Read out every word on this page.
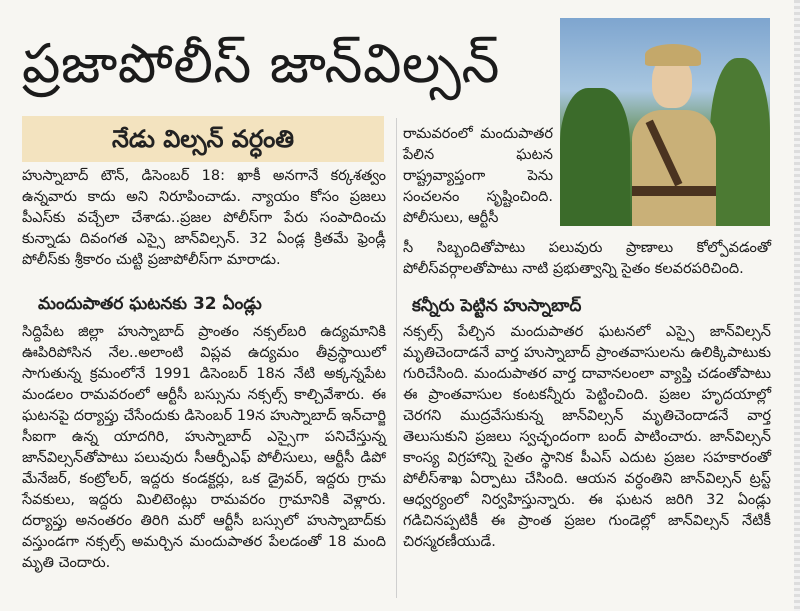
ప్రజాపోలీస్ జాన్‌విల్సన్
నేడు విల్సన్ వర్ధంతి

హుస్నాబాద్ టౌన్, డిసెంబర్ 18: ఖాకీ అనగానే కర్కశత్వం ఉన్నవారు కాదు అని నిరూపించాడు. న్యాయం కోసం ప్రజలు పీఎస్‌కు వచ్చేలా చేశాడు..ప్రజల పోలీస్‌గా పేరు సంపాదించు కున్నాడు దివంగత ఎస్సై జాన్‌విల్సన్. 32 ఏండ్ల క్రితమే ఫ్రెండ్లీ పోలీస్‌కు శ్రీకారం చుట్టి ప్రజాపోలీస్‌గా మారాడు.

మందుపాతర ఘటనకు 32 ఏండ్లు

సిద్దిపేట జిల్లా హుస్నాబాద్ ప్రాంతం నక్సల్‌బరి ఉద్యమానికి ఊపిరిపోసిన నేల..అలాంటి విప్లవ ఉద్యమం తీవ్రస్థాయిలో సాగుతున్న క్రమంలోనే 1991 డిసెంబర్ 18న నేటి అక్కన్నపేట మండలం రామవరంలో ఆర్టీసీ బస్సును నక్సల్స్ కాల్చివేశారు. ఈ ఘటనపై దర్యాప్తు చేసేందుకు డిసెంబర్ 19న హుస్నాబాద్ ఇన్‌చార్జి సీఐగా ఉన్న యాదగిరి, హుస్నాబాద్ ఎస్సైగా పనిచేస్తున్న జాన్‌విల్సన్‌తోపాటు పలువురు సీఆర్పీఎఫ్ పోలీసులు, ఆర్టీసీ డిపో మేనేజర్, కంట్రోలర్, ఇద్దరు కండక్టర్లు, ఒక డ్రైవర్, ఇద్దరు గ్రామ సేవకులు, ఇద్దరు మిలిటెంట్లు రామవరం గ్రామానికి వెళ్లారు. దర్యాప్తు అనంతరం తిరిగి మరో ఆర్టీసీ బస్సులో హుస్నాబాద్‌కు వస్తుండగా నక్సల్స్ అమర్చిన మందుపాతర పేలడంతో 18 మంది మృతి చెందారు.

రామవరంలో మందుపాతర పేలిన ఘటన రాష్ట్రవ్యాప్తంగా పెను సంచలనం సృష్టించింది. పోలీసులు, ఆర్టీసీ

సీ సిబ్బందితోపాటు పలువురు ప్రాణాలు కోల్పోవడంతో పోలీస్‌వర్గాలతోపాటు నాటి ప్రభుత్వాన్ని సైతం కలవరపరిచింది.

కన్నీరు పెట్టిన హుస్నాబాద్

నక్సల్స్ పేల్చిన మందుపాతర ఘటనలో ఎస్సై జాన్‌విల్సన్ మృతిచెందాడనే వార్త హుస్నాబాద్ ప్రాంతవాసులను ఉలిక్కిపాటుకు గురిచేసింది. మందుపాతర వార్త దావానలంలా వ్యాప్తి చడంతోపాటు ఈ ప్రాంతవాసుల కంటకన్నీరు పెట్టించింది. ప్రజల హృదయాల్లో చెరగని ముద్రవేసుకున్న జాన్‌విల్సన్ మృతిచెందాడనే వార్త తెలుసుకుని ప్రజలు స్వచ్ఛందంగా బంద్ పాటించారు. జాన్‌విల్సన్ కాంస్య విగ్రహాన్ని సైతం స్థానిక పీఎస్ ఎదుట ప్రజల సహకారంతో పోలీస్‌శాఖ ఏర్పాటు చేసింది. ఆయన వర్ధంతిని జాన్‌విల్సన్ ట్రస్ట్ ఆధ్వర్యంలో నిర్వహిస్తున్నారు. ఈ ఘటన జరిగి 32 ఏండ్లు గడిచినప్పటికీ ఈ ప్రాంత ప్రజల గుండెల్లో జాన్‌విల్సన్ నేటికీ చిరస్మరణీయుడే.
